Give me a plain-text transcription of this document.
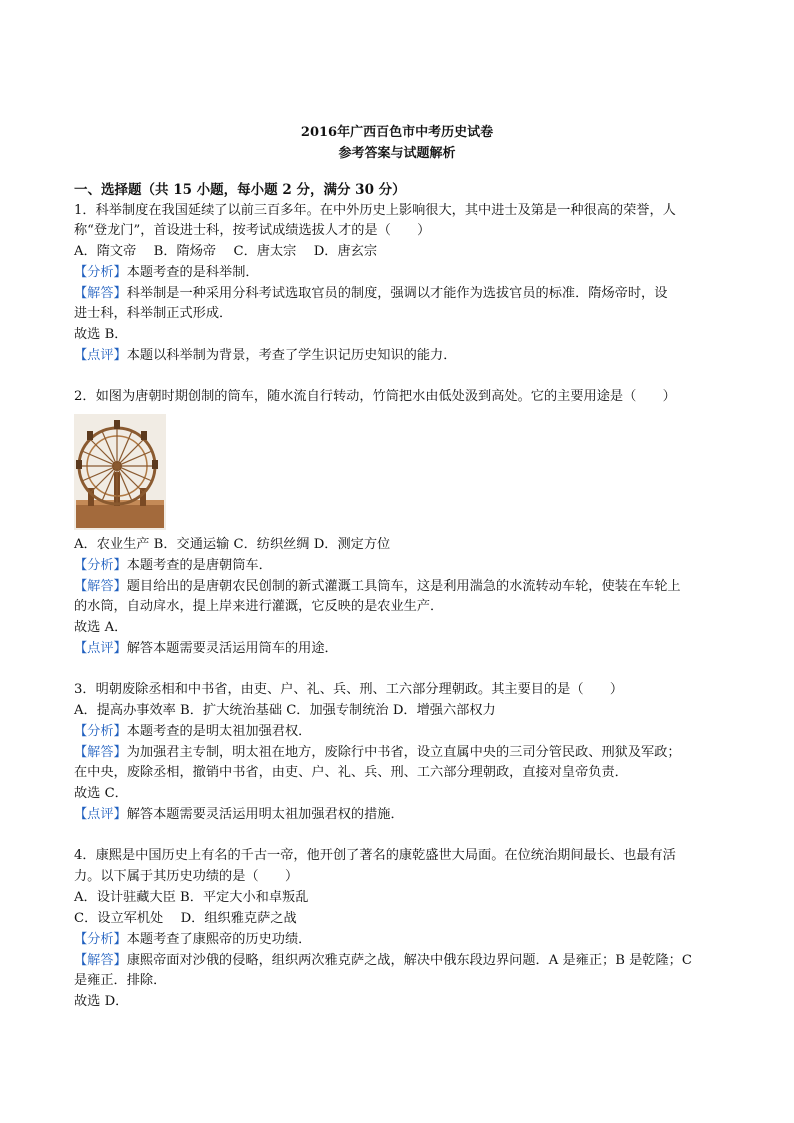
2016年广西百色市中考历史试卷
参考答案与试题解析
一、选择题（共 15 小题，每小题 2 分，满分 30 分）
1．科举制度在我国延续了以前三百多年。在中外历史上影响很大，其中进士及第是一种很高的荣誉，人
称“登龙门”，首设进士科，按考试成绩选拔人才的是（　　）
A．隋文帝　 B．隋炀帝　 C．唐太宗　 D．唐玄宗
【分析】本题考查的是科举制．
【解答】科举制是一种采用分科考试选取官员的制度，强调以才能作为选拔官员的标准．隋炀帝时，设
进士科，科举制正式形成．
故选 B．
【点评】本题以科举制为背景，考查了学生识记历史知识的能力．
2．如图为唐朝时期创制的筒车，随水流自行转动，竹筒把水由低处汲到高处。它的主要用途是（　　）
A．农业生产 B．交通运输 C．纺织丝绸 D．测定方位
【分析】本题考查的是唐朝筒车．
【解答】题目给出的是唐朝农民创制的新式灌溉工具筒车，这是利用湍急的水流转动车轮，使装在车轮上
的水筒，自动戽水，提上岸来进行灌溉，它反映的是农业生产．
故选 A．
【点评】解答本题需要灵活运用筒车的用途．
3．明朝废除丞相和中书省，由吏、户、礼、兵、刑、工六部分理朝政。其主要目的是（　　）
A．提高办事效率 B．扩大统治基础 C．加强专制统治 D．增强六部权力
【分析】本题考查的是明太祖加强君权．
【解答】为加强君主专制，明太祖在地方，废除行中书省，设立直属中央的三司分管民政、刑狱及军政；
在中央，废除丞相，撤销中书省，由吏、户、礼、兵、刑、工六部分理朝政，直接对皇帝负责．
故选 C．
【点评】解答本题需要灵活运用明太祖加强君权的措施．
4．康熙是中国历史上有名的千古一帝，他开创了著名的康乾盛世大局面。在位统治期间最长、也最有活
力。以下属于其历史功绩的是（　　）
A．设计驻藏大臣 B．平定大小和卓叛乱
C．设立军机处　 D．组织雅克萨之战
【分析】本题考查了康熙帝的历史功绩．
【解答】康熙帝面对沙俄的侵略，组织两次雅克萨之战，解决中俄东段边界问题．A 是雍正；B 是乾隆；C
是雍正．排除．
故选 D．
